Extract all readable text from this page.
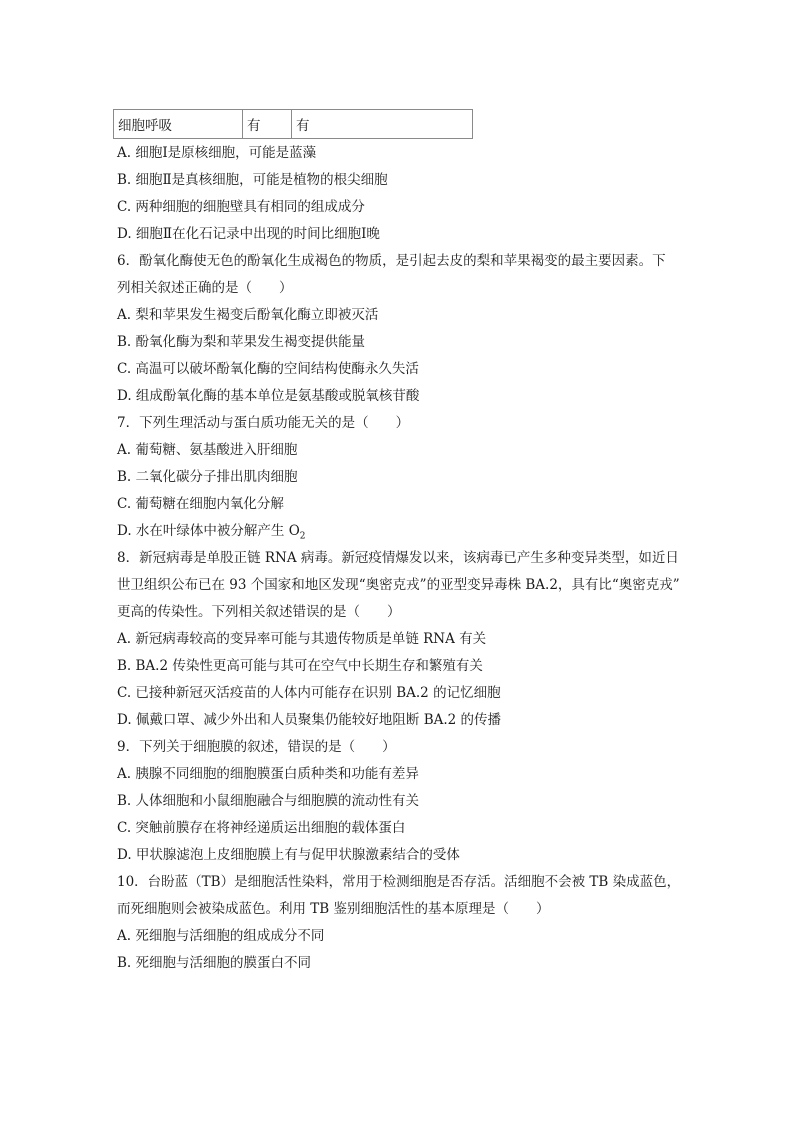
细胞呼吸	有	有
A. 细胞Ⅰ是原核细胞，可能是蓝藻
B. 细胞Ⅱ是真核细胞，可能是植物的根尖细胞
C. 两种细胞的细胞壁具有相同的组成成分
D. 细胞Ⅱ在化石记录中出现的时间比细胞Ⅰ晚
6．酚氧化酶使无色的酚氧化生成褐色的物质，是引起去皮的梨和苹果褐变的最主要因素。下
列相关叙述正确的是（　　）
A. 梨和苹果发生褐变后酚氧化酶立即被灭活
B. 酚氧化酶为梨和苹果发生褐变提供能量
C. 高温可以破坏酚氧化酶的空间结构使酶永久失活
D. 组成酚氧化酶的基本单位是氨基酸或脱氧核苷酸
7．下列生理活动与蛋白质功能无关的是（　　）
A. 葡萄糖、氨基酸进入肝细胞
B. 二氧化碳分子排出肌肉细胞
C. 葡萄糖在细胞内氧化分解
D. 水在叶绿体中被分解产生 $O_2$
8．新冠病毒是单股正链 RNA 病毒。新冠疫情爆发以来，该病毒已产生多种变异类型，如近日
世卫组织公布已在 93 个国家和地区发现“奥密克戎”的亚型变异毒株 BA.2，具有比“奥密克戎”
更高的传染性。下列相关叙述错误的是（　　）
A. 新冠病毒较高的变异率可能与其遗传物质是单链 RNA 有关
B. BA.2 传染性更高可能与其可在空气中长期生存和繁殖有关
C. 已接种新冠灭活疫苗的人体内可能存在识别 BA.2 的记忆细胞
D. 佩戴口罩、减少外出和人员聚集仍能较好地阻断 BA.2 的传播
9．下列关于细胞膜的叙述，错误的是（　　）
A. 胰腺不同细胞的细胞膜蛋白质种类和功能有差异
B. 人体细胞和小鼠细胞融合与细胞膜的流动性有关
C. 突触前膜存在将神经递质运出细胞的载体蛋白
D. 甲状腺滤泡上皮细胞膜上有与促甲状腺激素结合的受体
10．台盼蓝（TB）是细胞活性染料，常用于检测细胞是否存活。活细胞不会被 TB 染成蓝色，
而死细胞则会被染成蓝色。利用 TB 鉴别细胞活性的基本原理是（　　）
A. 死细胞与活细胞的组成成分不同
B. 死细胞与活细胞的膜蛋白不同
